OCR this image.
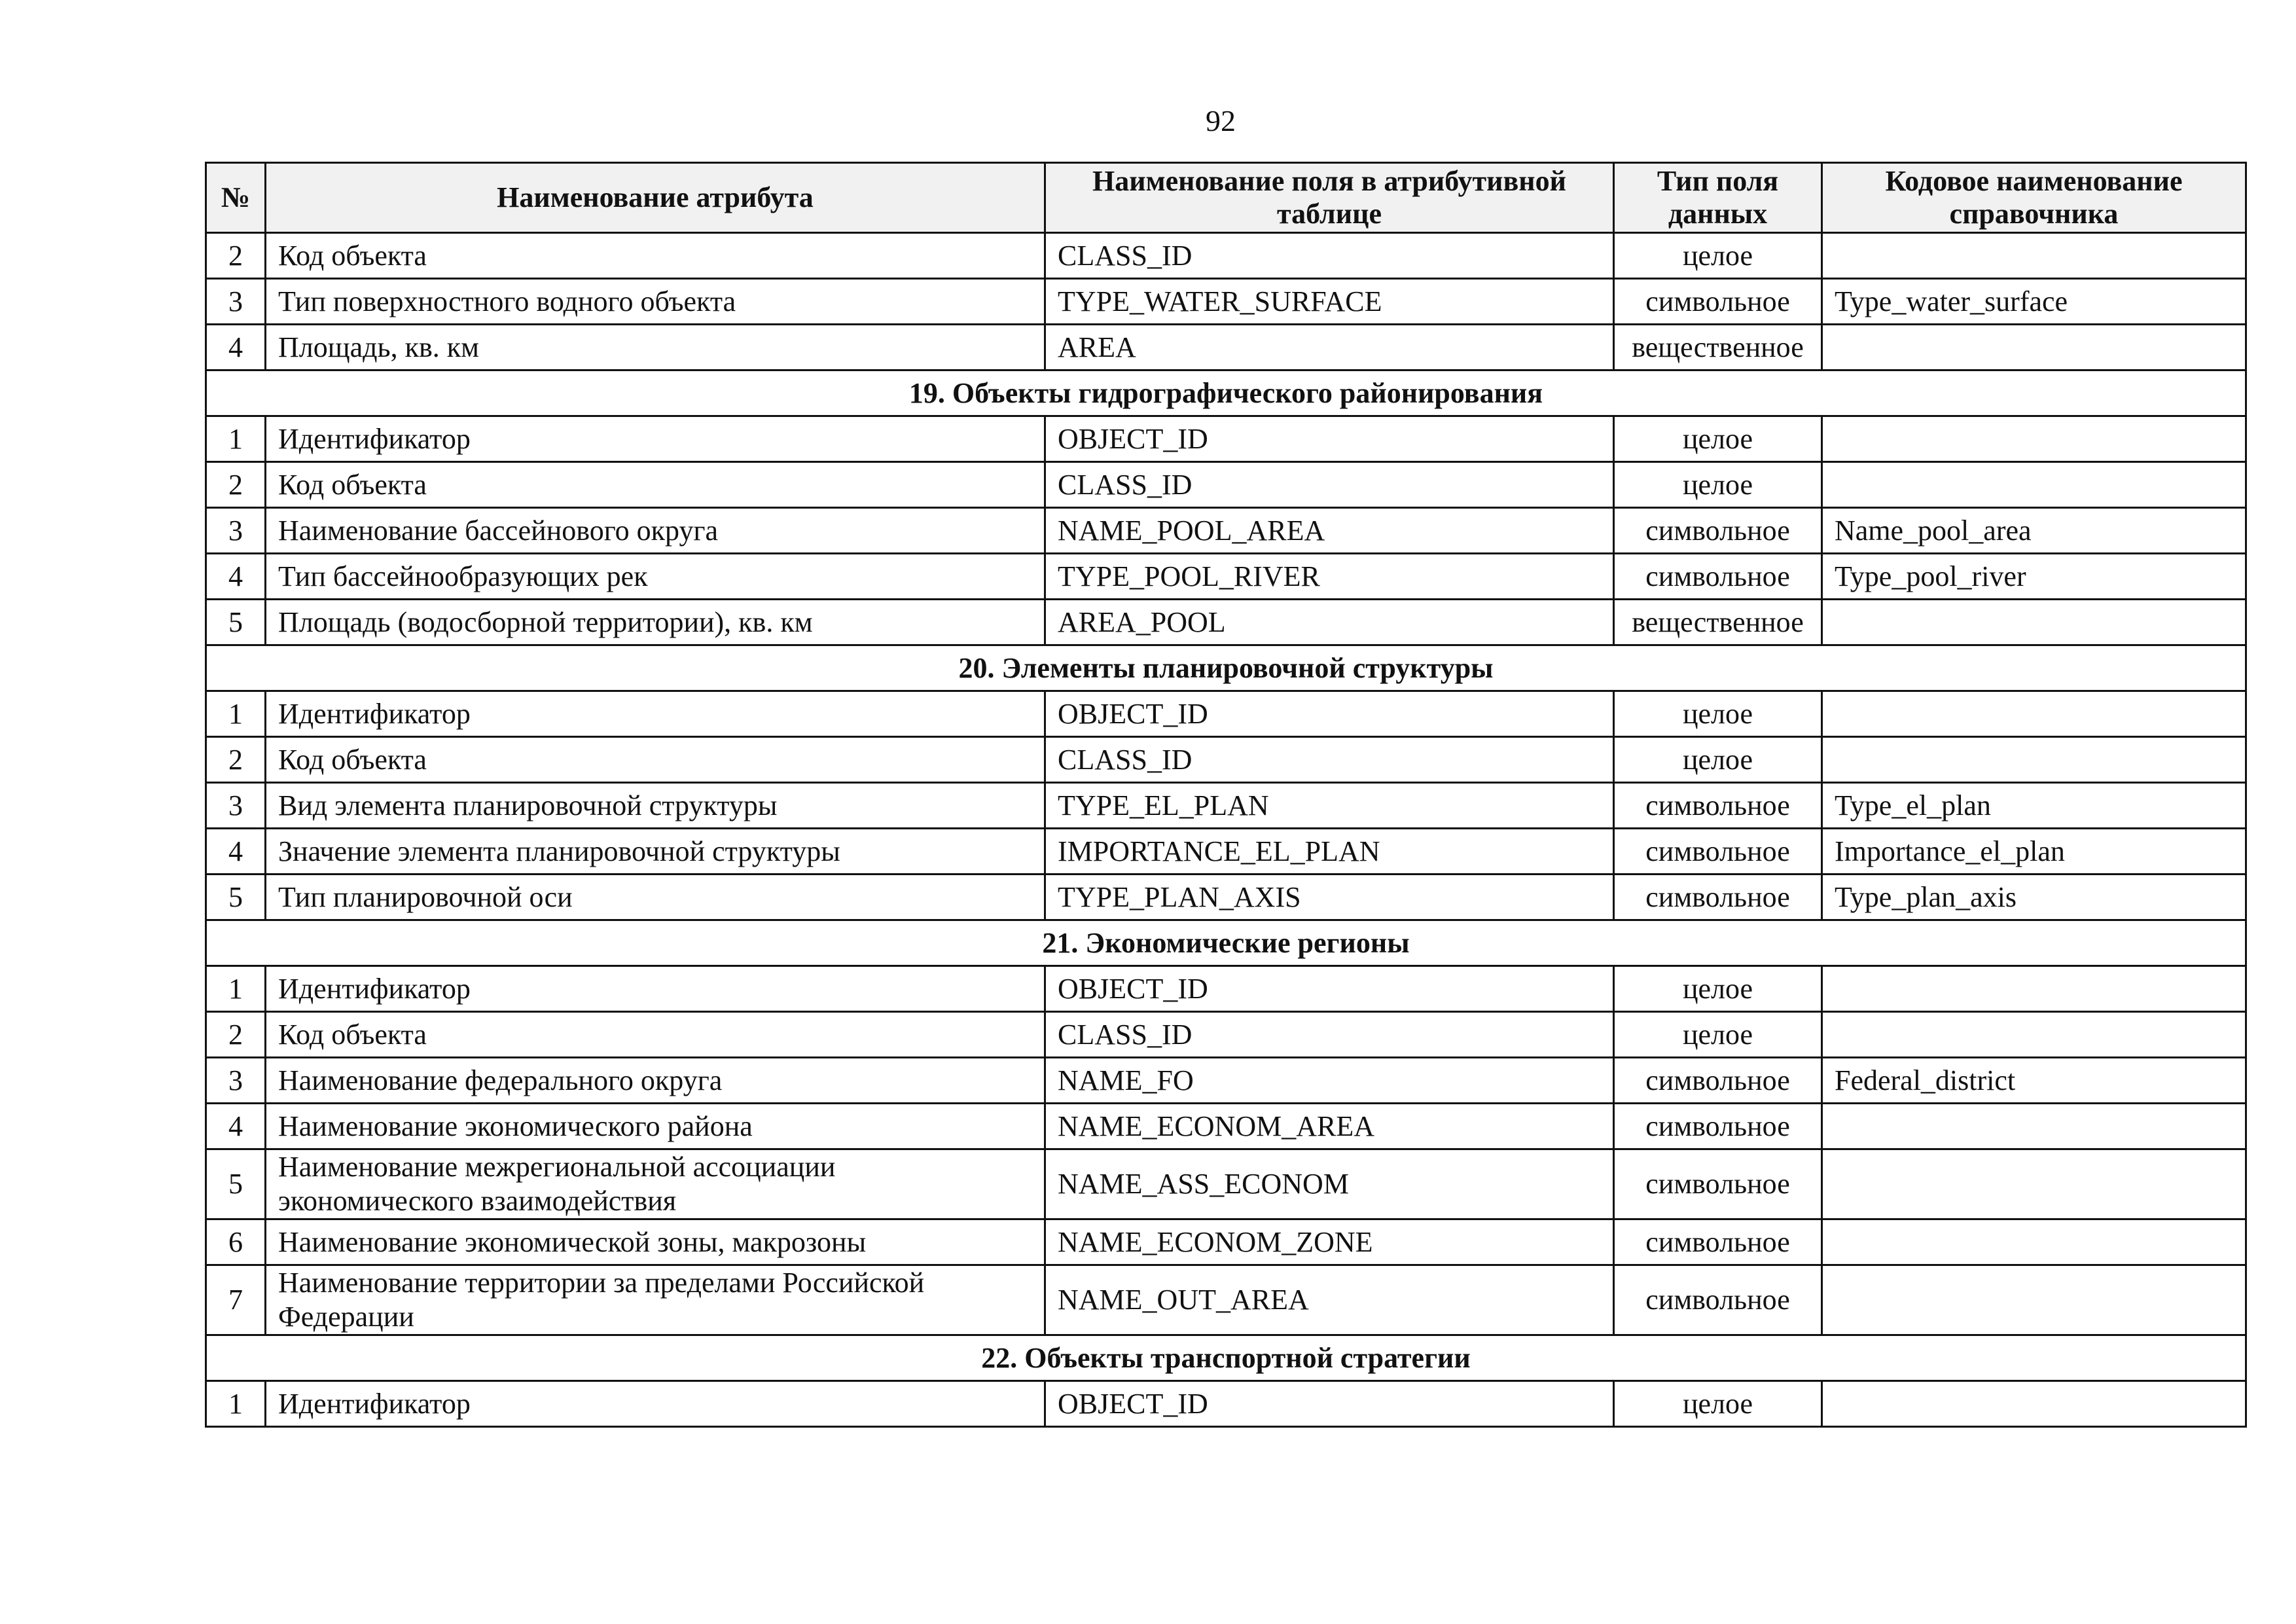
92
№	Наименование атрибута	Наименование поля в атрибутивной таблице	Тип поля данных	Кодовое наименование справочника
2	Код объекта	CLASS_ID	целое	
3	Тип поверхностного водного объекта	TYPE_WATER_SURFACE	символьное	Type_water_surface
4	Площадь, кв. км	AREA	вещественное	
19. Объекты гидрографического районирования				
1	Идентификатор	OBJECT_ID	целое	
2	Код объекта	CLASS_ID	целое	
3	Наименование бассейнового округа	NAME_POOL_AREA	символьное	Name_pool_area
4	Тип бассейнообразующих рек	TYPE_POOL_RIVER	символьное	Type_pool_river
5	Площадь (водосборной территории), кв. км	AREA_POOL	вещественное	
20. Элементы планировочной структуры				
1	Идентификатор	OBJECT_ID	целое	
2	Код объекта	CLASS_ID	целое	
3	Вид элемента планировочной структуры	TYPE_EL_PLAN	символьное	Type_el_plan
4	Значение элемента планировочной структуры	IMPORTANCE_EL_PLAN	символьное	Importance_el_plan
5	Тип планировочной оси	TYPE_PLAN_AXIS	символьное	Type_plan_axis
21. Экономические регионы				
1	Идентификатор	OBJECT_ID	целое	
2	Код объекта	CLASS_ID	целое	
3	Наименование федерального округа	NAME_FO	символьное	Federal_district
4	Наименование экономического района	NAME_ECONOM_AREA	символьное	
5	Наименование межрегиональной ассоциации экономического взаимодействия	NAME_ASS_ECONOM	символьное	
6	Наименование экономической зоны, макрозоны	NAME_ECONOM_ZONE	символьное	
7	Наименование территории за пределами Российской Федерации	NAME_OUT_AREA	символьное	
22. Объекты транспортной стратегии				
1	Идентификатор	OBJECT_ID	целое	
